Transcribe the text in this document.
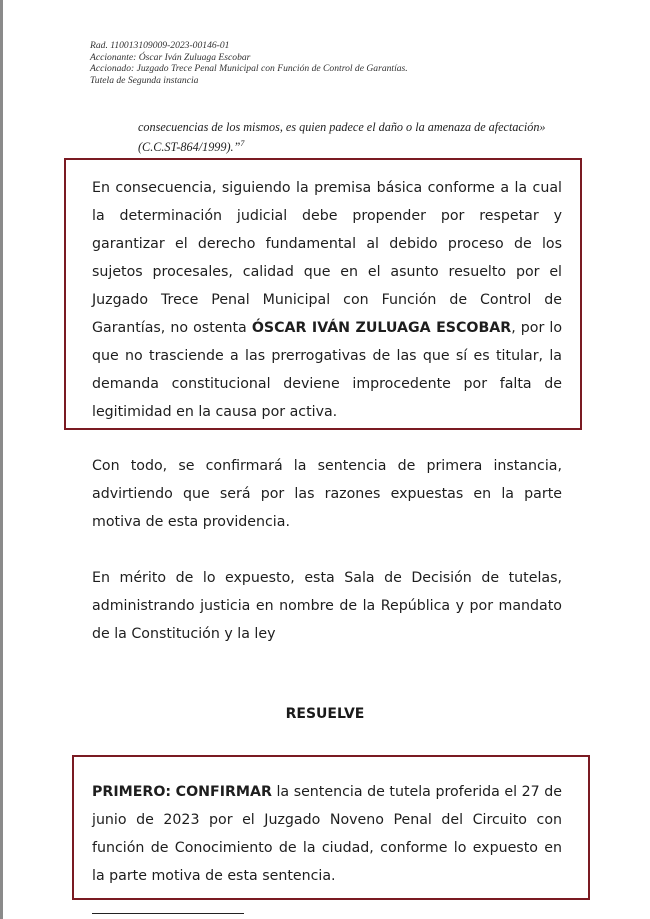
Rad. 110013109009-2023-00146-01
Accionante: Óscar Iván Zuluaga Escobar
Accionado: Juzgado Trece Penal Municipal con Función de Control de Garantías.
Tutela de Segunda instancia
consecuencias de los mismos, es quien padece el daño o la amenaza de afectación» (C.C.ST-864/1999).”$^7$
En consecuencia, siguiendo la premisa básica conforme a la cual la determinación judicial debe propender por respetar y garantizar el derecho fundamental al debido proceso de los sujetos procesales, calidad que en el asunto resuelto por el Juzgado Trece Penal Municipal con Función de Control de Garantías, no ostenta ÓSCAR IVÁN ZULUAGA ESCOBAR, por lo que no trasciende a las prerrogativas de las que sí es titular, la demanda constitucional deviene improcedente por falta de legitimidad en la causa por activa.
Con todo, se confirmará la sentencia de primera instancia, advirtiendo que será por las razones expuestas en la parte motiva de esta providencia.
En mérito de lo expuesto, esta Sala de Decisión de tutelas, administrando justicia en nombre de la República y por mandato de la Constitución y la ley
RESUELVE
PRIMERO: CONFIRMAR la sentencia de tutela proferida el 27 de junio de 2023 por el Juzgado Noveno Penal del Circuito con función de Conocimiento de la ciudad, conforme lo expuesto en la parte motiva de esta sentencia.
